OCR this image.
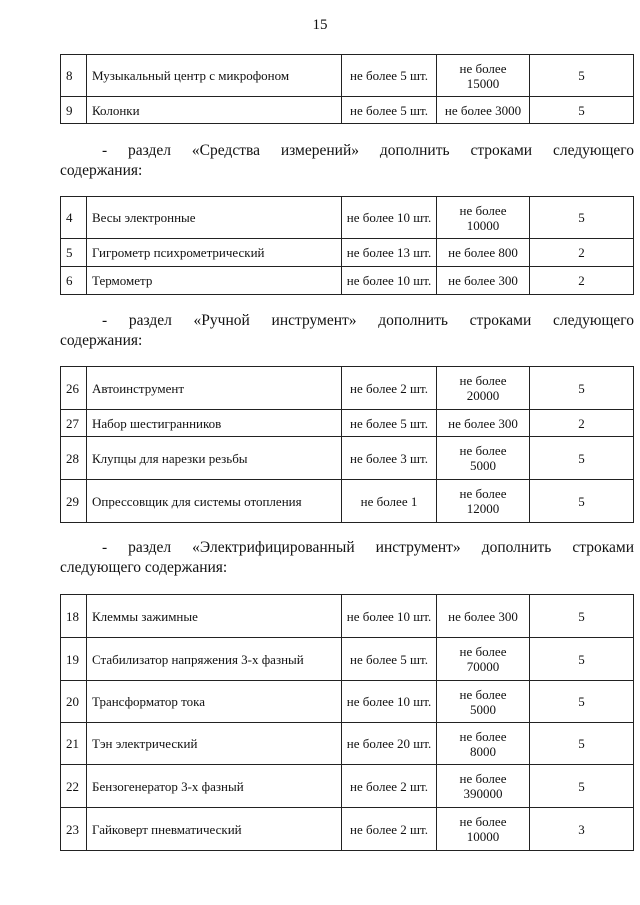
15
8	Музыкальный центр с микрофоном	не более 5 шт.	не более 15000	5
9	Колонки	не более 5 шт.	не более 3000	5
- раздел «Средства измерений» дополнить строками следующего
содержания:
4	Весы электронные	не более 10 шт.	не более 10000	5
5	Гигрометр психрометрический	не более 13 шт.	не более 800	2
6	Термометр	не более 10 шт.	не более 300	2
- раздел «Ручной инструмент» дополнить строками следующего
содержания:
26	Автоинструмент	не более 2 шт.	не более 20000	5
27	Набор шестигранников	не более 5 шт.	не более 300	2
28	Клупцы для нарезки резьбы	не более 3 шт.	не более 5000	5
29	Опрессовщик для системы отопления	не более 1	не более 12000	5
- раздел «Электрифицированный инструмент» дополнить строками
следующего содержания:
18	Клеммы зажимные	не более 10 шт.	не более 300	5
19	Стабилизатор напряжения 3-х фазный	не более 5 шт.	не более 70000	5
20	Трансформатор тока	не более 10 шт.	не более 5000	5
21	Тэн электрический	не более 20 шт.	не более 8000	5
22	Бензогенератор 3-х фазный	не более 2 шт.	не более 390000	5
23	Гайковерт пневматический	не более 2 шт.	не более 10000	3
